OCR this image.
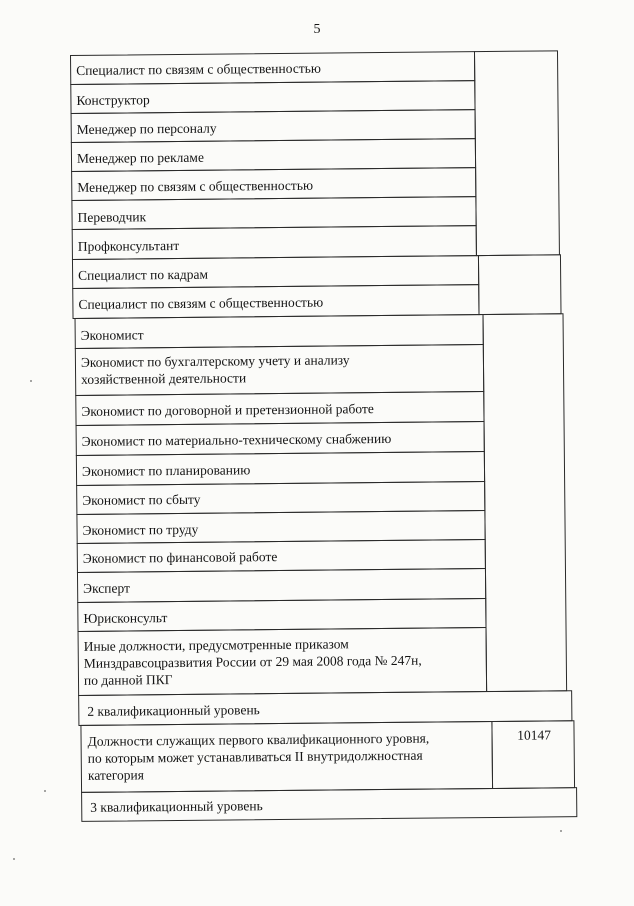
5
Специалист по связям с общественностью
Конструктор
Менеджер по персоналу
Менеджер по рекламе
Менеджер по связям с общественностью
Переводчик
Профконсультант
Специалист по кадрам
Специалист по связям с общественностью
Экономист
Экономист по бухгалтерскому учету и анализу
хозяйственной деятельности
Экономист по договорной и претензионной работе
Экономист по материально-техническому снабжению
Экономист по планированию
Экономист по сбыту
Экономист по труду
Экономист по финансовой работе
Эксперт
Юрисконсульт
Иные должности, предусмотренные приказом
Минздравсоцразвития России от 29 мая 2008 года № 247н,
по данной ПКГ
2 квалификационный уровень
Должности служащих первого квалификационного уровня,
по которым может устанавливаться II внутридолжностная
категория
10147
3 квалификационный уровень
